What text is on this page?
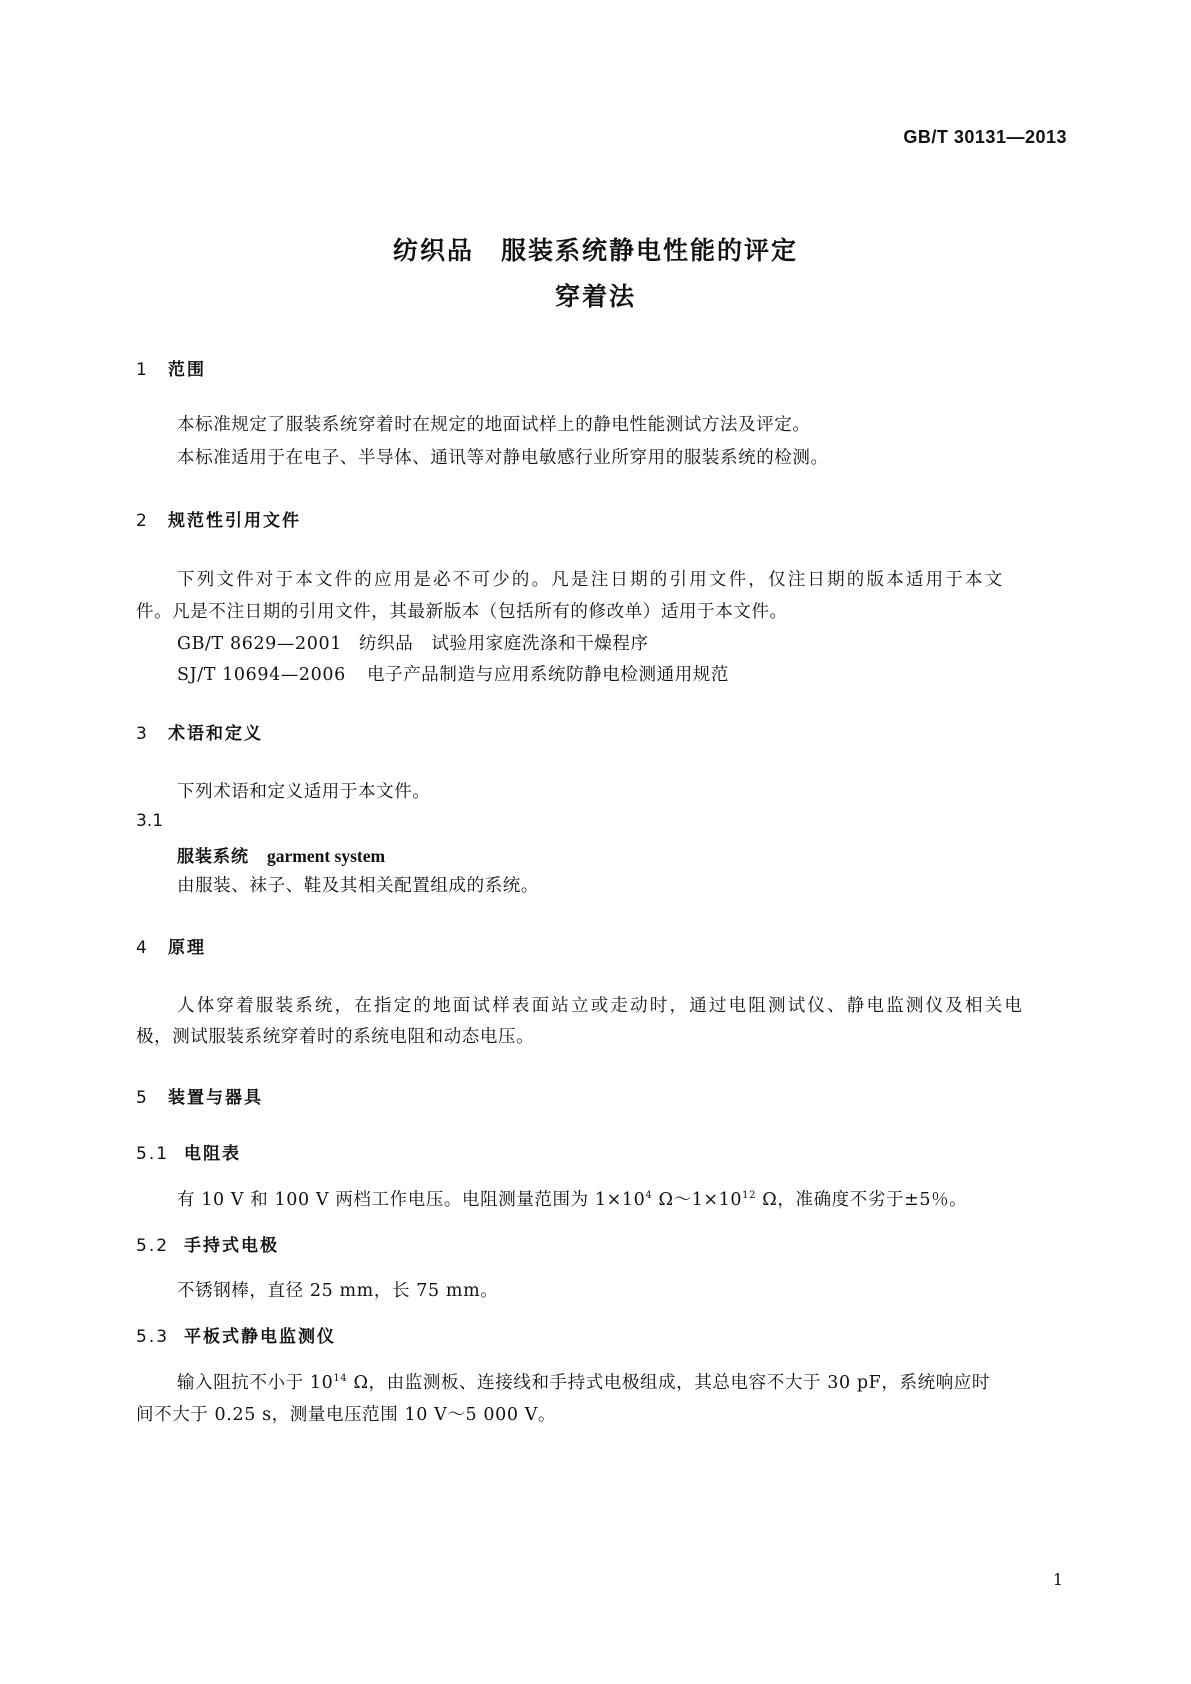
GB/T 30131—2013
纺织品　服装系统静电性能的评定
穿着法
1 范围
本标准规定了服装系统穿着时在规定的地面试样上的静电性能测试方法及评定。
本标准适用于在电子、半导体、通讯等对静电敏感行业所穿用的服装系统的检测。
2 规范性引用文件
下列文件对于本文件的应用是必不可少的。凡是注日期的引用文件，仅注日期的版本适用于本文
件。凡是不注日期的引用文件，其最新版本（包括所有的修改单）适用于本文件。
GB/T 8629—2001 纺织品　试验用家庭洗涤和干燥程序
SJ/T 10694—2006 电子产品制造与应用系统防静电检测通用规范
3 术语和定义
下列术语和定义适用于本文件。
3.1
服装系统 garment system
由服装、袜子、鞋及其相关配置组成的系统。
4 原理
人体穿着服装系统，在指定的地面试样表面站立或走动时，通过电阻测试仪、静电监测仪及相关电
极，测试服装系统穿着时的系统电阻和动态电压。
5 装置与器具
5.1 电阻表
有 10 V 和 100 V 两档工作电压。电阻测量范围为 $1\times 10^4$ $\Omega\sim 1\times 10^{12}$ Ω，准确度不劣于±5％。
5.2 手持式电极
不锈钢棒，直径 25 mm，长 75 mm。
5.3 平板式静电监测仪
输入阻抗不小于 $10^{14}$ Ω，由监测板、连接线和手持式电极组成，其总电容不大于 30 pF，系统响应时
间不大于 0.25 s，测量电压范围 10 V～5 000 V。
1
